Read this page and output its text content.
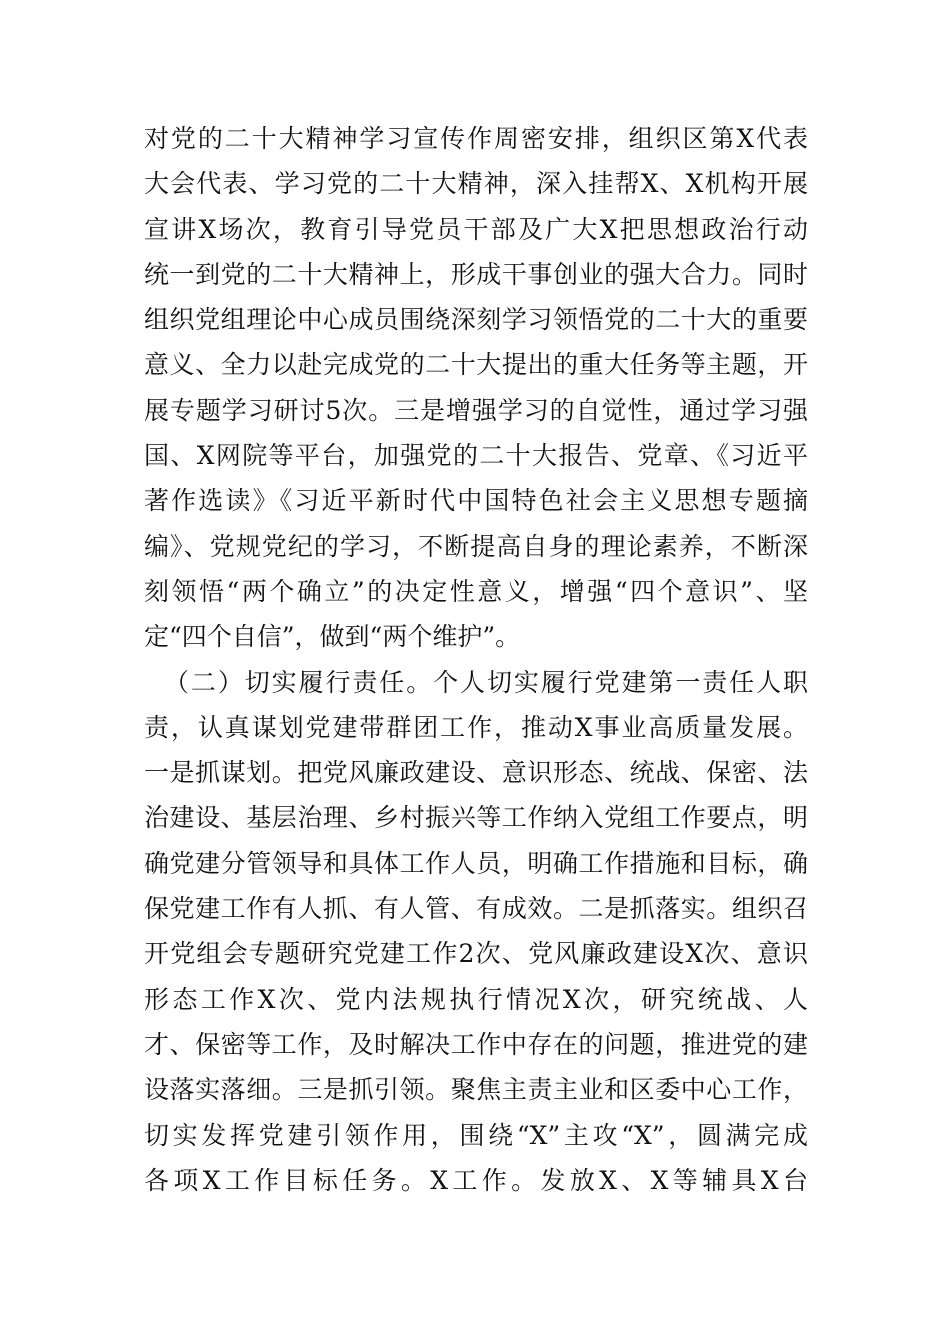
对党的二十大精神学习宣传作周密安排，组织区第X代表
大会代表、学习党的二十大精神，深入挂帮X、X机构开展
宣讲X场次，教育引导党员干部及广大X把思想政治行动
统一到党的二十大精神上，形成干事创业的强大合力。同时
组织党组理论中心成员围绕深刻学习领悟党的二十大的重要
意义、全力以赴完成党的二十大提出的重大任务等主题，开
展专题学习研讨5次。三是增强学习的自觉性，通过学习强
国、X网院等平台，加强党的二十大报告、党章、《习近平
著作选读》《习近平新时代中国特色社会主义思想专题摘
编》、党规党纪的学习，不断提高自身的理论素养，不断深
刻领悟“两个确立”的决定性意义，增强“四个意识”、坚
定“四个自信”，做到“两个维护”。
（二）切实履行责任。个人切实履行党建第一责任人职
责，认真谋划党建带群团工作，推动X事业高质量发展。
一是抓谋划。把党风廉政建设、意识形态、统战、保密、法
治建设、基层治理、乡村振兴等工作纳入党组工作要点，明
确党建分管领导和具体工作人员，明确工作措施和目标，确
保党建工作有人抓、有人管、有成效。二是抓落实。组织召
开党组会专题研究党建工作2次、党风廉政建设X次、意识
形态工作X次、党内法规执行情况X次，研究统战、人
才、保密等工作，及时解决工作中存在的问题，推进党的建
设落实落细。三是抓引领。聚焦主责主业和区委中心工作，
切实发挥党建引领作用，围绕“X”主攻“X”，圆满完成
各项X工作目标任务。X工作。发放X、X等辅具X台
